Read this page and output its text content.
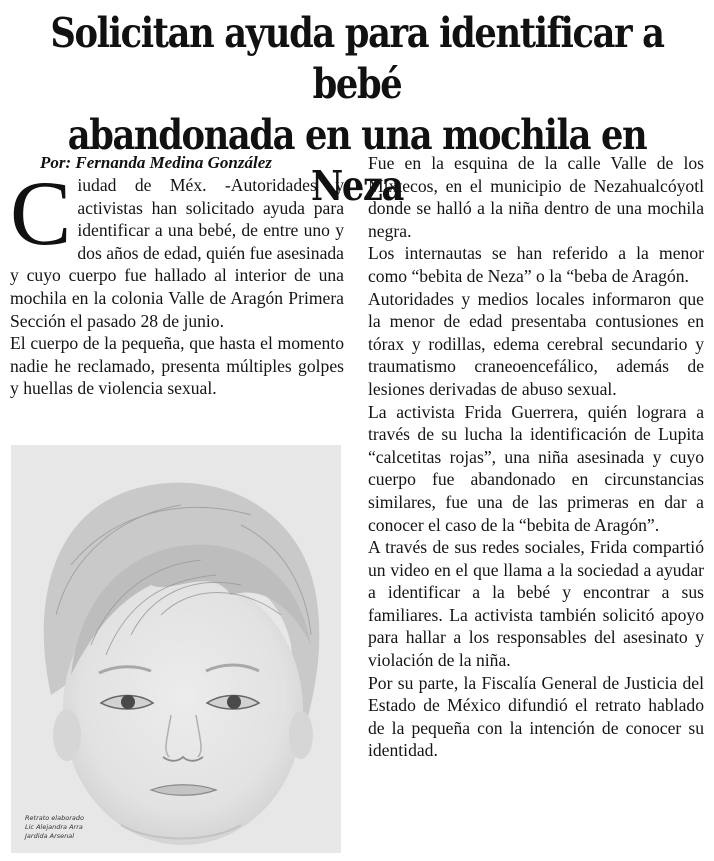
Solicitan ayuda para identificar a bebé
abandonada en una mochila en Neza
Por: Fernanda Medina González

Ciudad de Méx. -Autoridades y activistas han solicitado ayuda para identificar a una bebé, de entre uno y dos años de edad, quién fue asesinada y cuyo cuerpo fue hallado al interior de una mochila en la colonia Valle de Aragón Primera Sección el pasado 28 de junio.

El cuerpo de la pequeña, que hasta el momento nadie he reclamado, presenta múltiples golpes y huellas de violencia sexual.

Retrato elaborado
Lic Alejandra Arra
Jardida Arsenal

Fue en la esquina de la calle Valle de los Mixtecos, en el municipio de Nezahualcóyotl donde se halló a la niña dentro de una mochila negra.

Los internautas se han referido a la menor como “bebita de Neza” o la “beba de Aragón.

Autoridades y medios locales informaron que la menor de edad presentaba contusiones en tórax y rodillas, edema cerebral secundario y traumatismo craneoencefálico, además de lesiones derivadas de abuso sexual.

La activista Frida Guerrera, quién lograra a través de su lucha la identificación de Lupita “calcetitas rojas”, una niña asesinada y cuyo cuerpo fue abandonado en circunstancias similares, fue una de las primeras en dar a conocer el caso de la “bebita de Aragón”.

A través de sus redes sociales, Frida compartió un video en el que llama a la sociedad a ayudar a identificar a la bebé y encontrar a sus familiares. La activista también solicitó apoyo para hallar a los responsables del asesinato y violación de la niña.

Por su parte, la Fiscalía General de Justicia del Estado de México difundió el retrato hablado de la pequeña con la intención de conocer su identidad.
